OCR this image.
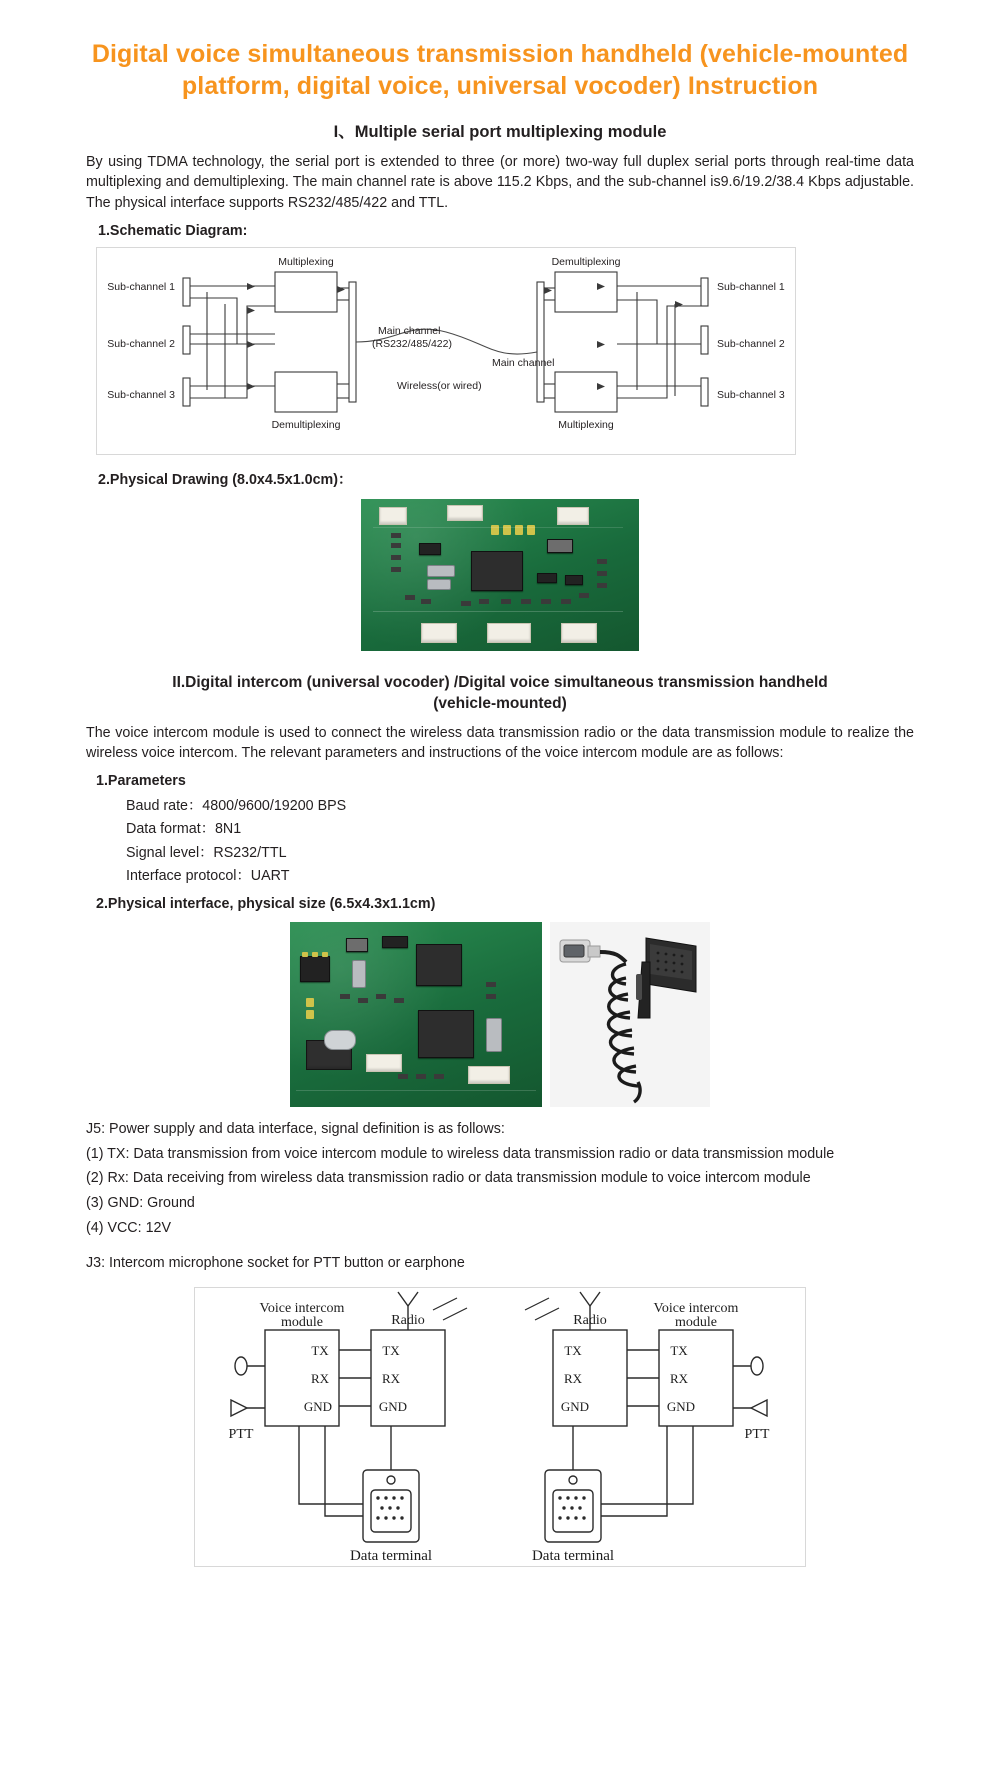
Digital voice simultaneous transmission handheld (vehicle-mounted platform, digital voice, universal vocoder) Instruction
I、Multiple serial port multiplexing module

By using TDMA technology, the serial port is extended to three (or more) two-way full duplex serial ports through real-time data multiplexing and demultiplexing. The main channel rate is above 115.2 Kbps, and the sub-channel is9.6/19.2/38.4 Kbps adjustable. The physical interface supports RS232/485/422 and TTL.

1.Schematic Diagram:
Multiplexing
Demultiplexing
Demultiplexing
Multiplexing
Sub-channel 1
Sub-channel 2
Sub-channel 3
Sub-channel 1
Sub-channel 2
Sub-channel 3
Main channel
(RS232/485/422)
Main channel
Wireless(or wired)
2.Physical Drawing (8.0x4.5x1.0cm)：
II.Digital intercom (universal vocoder) /Digital voice simultaneous transmission handheld
(vehicle-mounted)

The voice intercom module is used to connect the wireless data transmission radio or the data transmission module to realize the wireless voice intercom. The relevant parameters and instructions of the voice intercom module are as follows:

1.Parameters
Baud rate：4800/9600/19200 BPS
Data format：8N1
Signal level：RS232/TTL
Interface protocol：UART
2.Physical interface, physical size (6.5x4.3x1.1cm)

J5: Power supply and data interface, signal definition is as follows:

(1) TX: Data transmission from voice intercom module to wireless data transmission radio or data transmission module

(2) Rx: Data receiving from wireless data transmission radio or data transmission module to voice intercom module

(3) GND: Ground

(4) VCC: 12V

J3: Intercom microphone socket for PTT button or earphone

Voice intercom
module	Radio	Radio
Voice intercom
module
TX
RX
GND
TX
RX
GND
TX
RX
GND
TX
RX
GND
PTT	PTT
Data terminal	Data terminal
